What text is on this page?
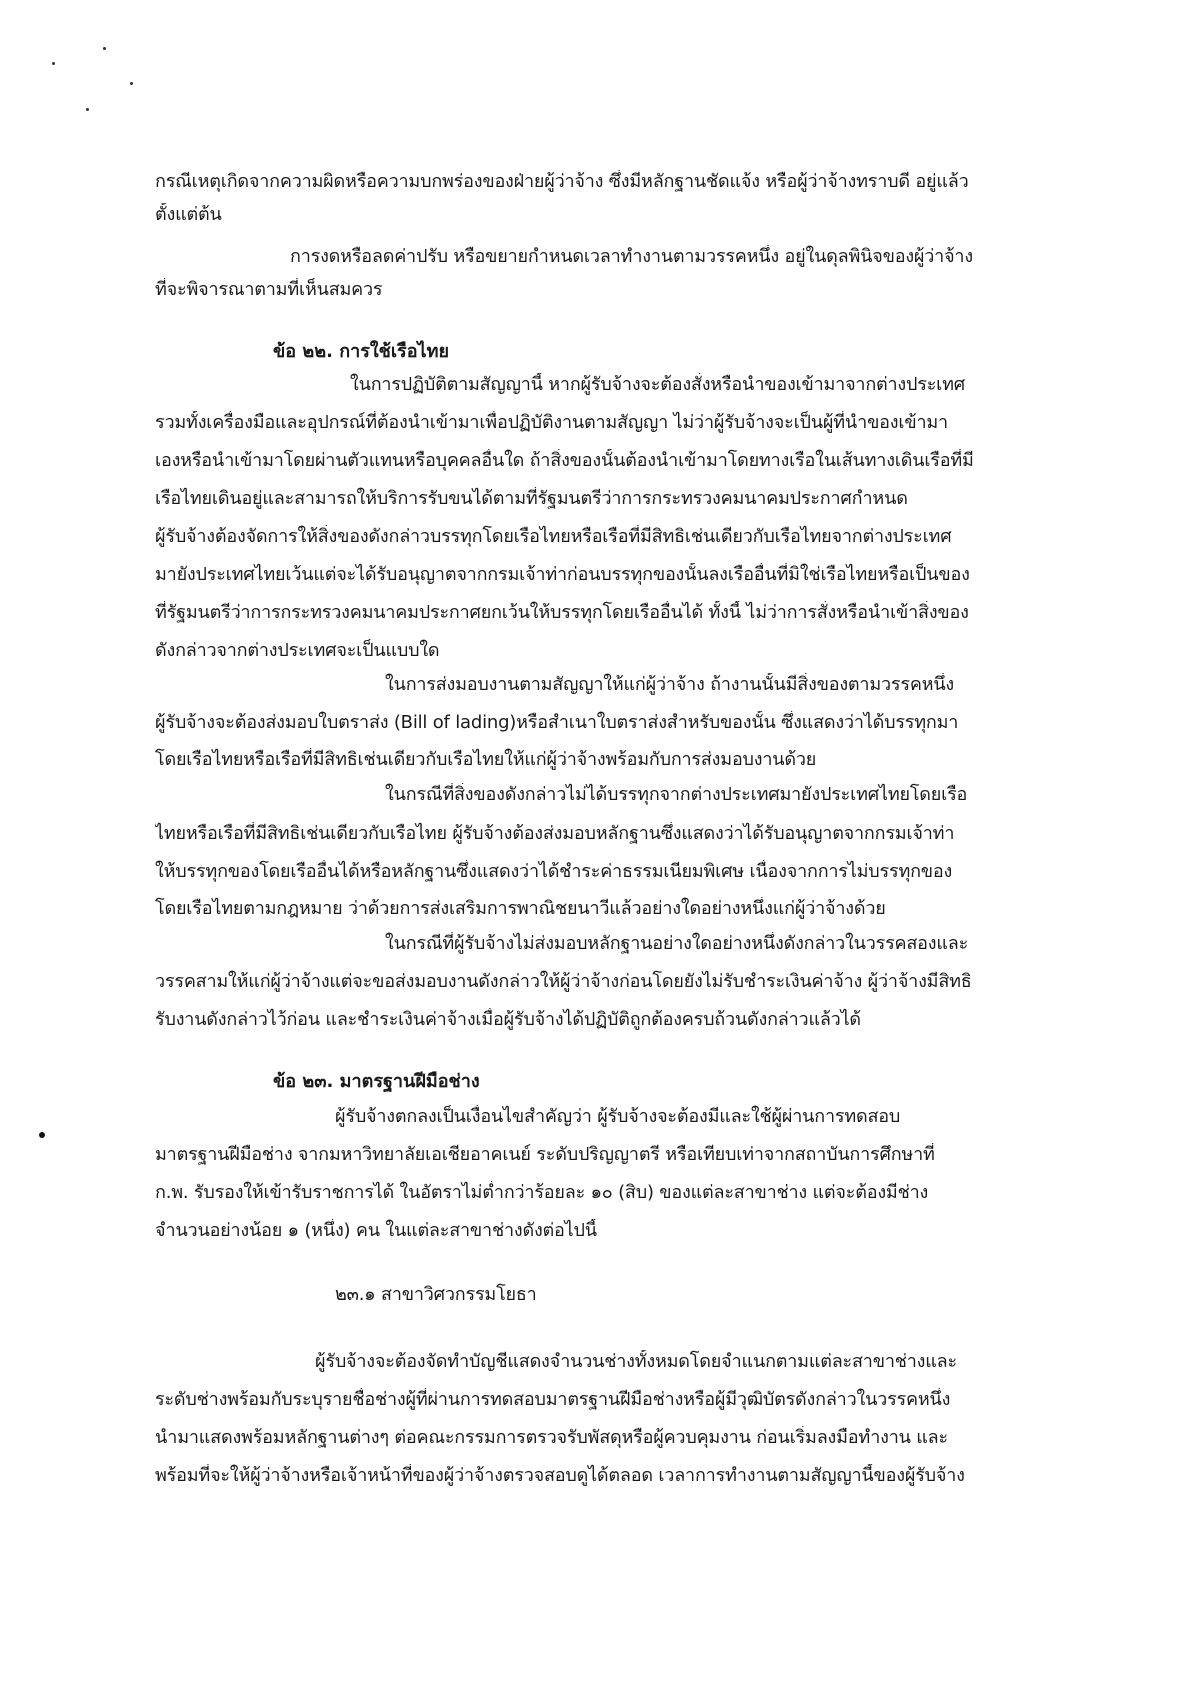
กรณีเหตุเกิดจากความผิดหรือความบกพร่องของฝ่ายผู้ว่าจ้าง ซึ่งมีหลักฐานชัดแจ้ง หรือผู้ว่าจ้างทราบดี อยู่แล้ว
ตั้งแต่ต้น
การงดหรือลดค่าปรับ หรือขยายกำหนดเวลาทำงานตามวรรคหนึ่ง อยู่ในดุลพินิจของผู้ว่าจ้าง
ที่จะพิจารณาตามที่เห็นสมควร
ข้อ ๒๒. การใช้เรือไทย
ในการปฏิบัติตามสัญญานี้ หากผู้รับจ้างจะต้องสั่งหรือนำของเข้ามาจากต่างประเทศ
รวมทั้งเครื่องมือและอุปกรณ์ที่ต้องนำเข้ามาเพื่อปฏิบัติงานตามสัญญา ไม่ว่าผู้รับจ้างจะเป็นผู้ที่นำของเข้ามา
เองหรือนำเข้ามาโดยผ่านตัวแทนหรือบุคคลอื่นใด ถ้าสิ่งของนั้นต้องนำเข้ามาโดยทางเรือในเส้นทางเดินเรือที่มี
เรือไทยเดินอยู่และสามารถให้บริการรับขนได้ตามที่รัฐมนตรีว่าการกระทรวงคมนาคมประกาศกำหนด
ผู้รับจ้างต้องจัดการให้สิ่งของดังกล่าวบรรทุกโดยเรือไทยหรือเรือที่มีสิทธิเช่นเดียวกับเรือไทยจากต่างประเทศ
มายังประเทศไทยเว้นแต่จะได้รับอนุญาตจากกรมเจ้าท่าก่อนบรรทุกของนั้นลงเรืออื่นที่มิใช่เรือไทยหรือเป็นของ
ที่รัฐมนตรีว่าการกระทรวงคมนาคมประกาศยกเว้นให้บรรทุกโดยเรืออื่นได้ ทั้งนี้ ไม่ว่าการสั่งหรือนำเข้าสิ่งของ
ดังกล่าวจากต่างประเทศจะเป็นแบบใด
ในการส่งมอบงานตามสัญญาให้แก่ผู้ว่าจ้าง ถ้างานนั้นมีสิ่งของตามวรรคหนึ่ง
ผู้รับจ้างจะต้องส่งมอบใบตราส่ง (Bill of lading)หรือสำเนาใบตราส่งสำหรับของนั้น ซึ่งแสดงว่าได้บรรทุกมา
โดยเรือไทยหรือเรือที่มีสิทธิเช่นเดียวกับเรือไทยให้แก่ผู้ว่าจ้างพร้อมกับการส่งมอบงานด้วย
ในกรณีที่สิ่งของดังกล่าวไม่ได้บรรทุกจากต่างประเทศมายังประเทศไทยโดยเรือ
ไทยหรือเรือที่มีสิทธิเช่นเดียวกับเรือไทย ผู้รับจ้างต้องส่งมอบหลักฐานซึ่งแสดงว่าได้รับอนุญาตจากกรมเจ้าท่า
ให้บรรทุกของโดยเรืออื่นได้หรือหลักฐานซึ่งแสดงว่าได้ชำระค่าธรรมเนียมพิเศษ เนื่องจากการไม่บรรทุกของ
โดยเรือไทยตามกฎหมาย ว่าด้วยการส่งเสริมการพาณิชยนาวีแล้วอย่างใดอย่างหนึ่งแก่ผู้ว่าจ้างด้วย
ในกรณีที่ผู้รับจ้างไม่ส่งมอบหลักฐานอย่างใดอย่างหนึ่งดังกล่าวในวรรคสองและ
วรรคสามให้แก่ผู้ว่าจ้างแต่จะขอส่งมอบงานดังกล่าวให้ผู้ว่าจ้างก่อนโดยยังไม่รับชำระเงินค่าจ้าง ผู้ว่าจ้างมีสิทธิ
รับงานดังกล่าวไว้ก่อน และชำระเงินค่าจ้างเมื่อผู้รับจ้างได้ปฏิบัติถูกต้องครบถ้วนดังกล่าวแล้วได้
ข้อ ๒๓. มาตรฐานฝีมือช่าง
ผู้รับจ้างตกลงเป็นเงื่อนไขสำคัญว่า ผู้รับจ้างจะต้องมีและใช้ผู้ผ่านการทดสอบ
มาตรฐานฝีมือช่าง จากมหาวิทยาลัยเอเชียอาคเนย์ ระดับปริญญาตรี หรือเทียบเท่าจากสถาบันการศึกษาที่
ก.พ. รับรองให้เข้ารับราชการได้ ในอัตราไม่ต่ำกว่าร้อยละ ๑๐ (สิบ) ของแต่ละสาขาช่าง แต่จะต้องมีช่าง
จำนวนอย่างน้อย ๑ (หนึ่ง) คน ในแต่ละสาขาช่างดังต่อไปนี้
๒๓.๑ สาขาวิศวกรรมโยธา
ผู้รับจ้างจะต้องจัดทำบัญชีแสดงจำนวนช่างทั้งหมดโดยจำแนกตามแต่ละสาขาช่างและ
ระดับช่างพร้อมกับระบุรายชื่อช่างผู้ที่ผ่านการทดสอบมาตรฐานฝีมือช่างหรือผู้มีวุฒิบัตรดังกล่าวในวรรคหนึ่ง
นำมาแสดงพร้อมหลักฐานต่างๆ ต่อคณะกรรมการตรวจรับพัสดุหรือผู้ควบคุมงาน ก่อนเริ่มลงมือทำงาน และ
พร้อมที่จะให้ผู้ว่าจ้างหรือเจ้าหน้าที่ของผู้ว่าจ้างตรวจสอบดูได้ตลอด เวลาการทำงานตามสัญญานี้ของผู้รับจ้าง
